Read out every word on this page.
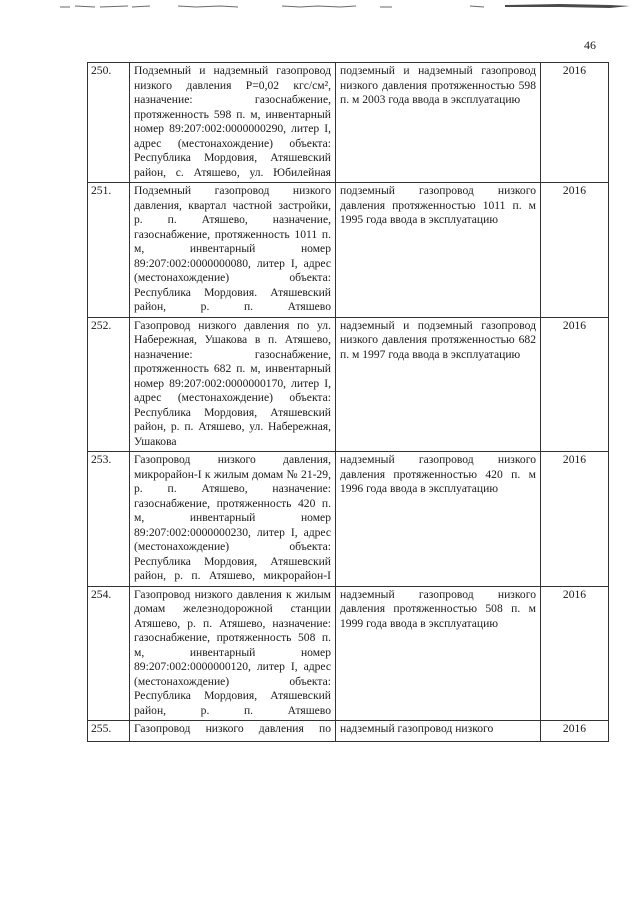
46
250.	Подземный и надземный газопровод низкого давления Р=0,02 кгс/см², назначение: газоснабжение, протяженность 598 п. м, инвентарный номер 89:207:002:0000000290, литер I, адрес (местонахождение) объекта: Республика Мордовия, Атяшевский район, с. Атяшево, ул. Юбилейная	подземный и надземный газопровод низкого давления протяженностью 598 п. м 2003 года ввода в эксплуатацию	2016
251.	Подземный газопровод низкого давления, квартал частной застройки, р. п. Атяшево, назначение, газоснабжение, протяженность 1011 п. м, инвентарный номер 89:207:002:0000000080, литер I, адрес (местонахождение) объекта: Республика Мордовия. Атяшевский район, р. п. Атяшево	подземный газопровод низкого давления протяженностью 1011 п. м 1995 года ввода в эксплуатацию	2016
252.	Газопровод низкого давления по ул. Набережная, Ушакова в п. Атяшево, назначение: газоснабжение, протяженность 682 п. м, инвентарный номер 89:207:002:0000000170, литер I, адрес (местонахождение) объекта: Республика Мордовия, Атяшевский район, р. п. Атяшево, ул. Набережная, Ушакова	надземный и подземный газопровод низкого давления протяженностью 682 п. м 1997 года ввода в эксплуатацию	2016
253.	Газопровод низкого давления, микрорайон-I к жилым домам № 21-29, р. п. Атяшево, назначение: газоснабжение, протяженность 420 п. м, инвентарный номер 89:207:002:0000000230, литер I, адрес (местонахождение) объекта: Республика Мордовия, Атяшевский район, р. п. Атяшево, микрорайон-I	надземный газопровод низкого давления протяженностью 420 п. м 1996 года ввода в эксплуатацию	2016
254.	Газопровод низкого давления к жилым домам железнодорожной станции Атяшево, р. п. Атяшево, назначение: газоснабжение, протяженность 508 п. м, инвентарный номер 89:207:002:0000000120, литер I, адрес (местонахождение) объекта: Республика Мордовия, Атяшевский район, р. п. Атяшево	надземный газопровод низкого давления протяженностью 508 п. м 1999 года ввода в эксплуатацию	2016
255.	Газопровод низкого давления по	надземный газопровод низкого	2016
